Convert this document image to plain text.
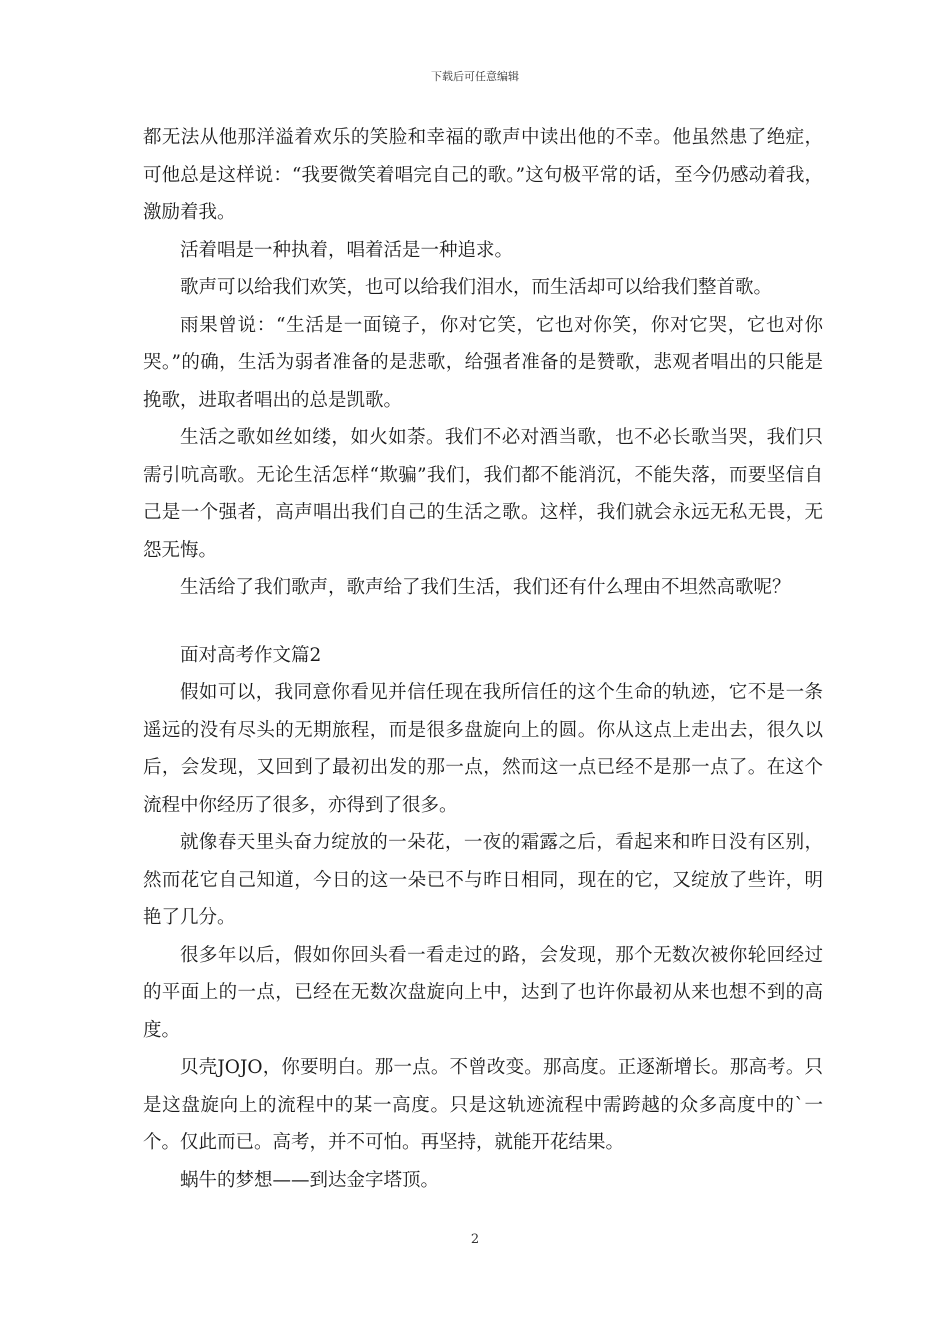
下载后可任意编辑

都无法从他那洋溢着欢乐的笑脸和幸福的歌声中读出他的不幸。他虽然患了绝症，可他总是这样说：“我要微笑着唱完自己的歌。”这句极平常的话，至今仍感动着我，激励着我。

活着唱是一种执着，唱着活是一种追求。

歌声可以给我们欢笑，也可以给我们泪水，而生活却可以给我们整首歌。

雨果曾说：“生活是一面镜子，你对它笑，它也对你笑，你对它哭，它也对你哭。”的确，生活为弱者准备的是悲歌，给强者准备的是赞歌，悲观者唱出的只能是挽歌，进取者唱出的总是凯歌。

生活之歌如丝如缕，如火如荼。我们不必对酒当歌，也不必长歌当哭，我们只需引吭高歌。无论生活怎样“欺骗”我们，我们都不能消沉，不能失落，而要坚信自己是一个强者，高声唱出我们自己的生活之歌。这样，我们就会永远无私无畏，无怨无悔。

生活给了我们歌声，歌声给了我们生活，我们还有什么理由不坦然高歌呢？

面对高考作文篇2

假如可以，我同意你看见并信任现在我所信任的这个生命的轨迹，它不是一条遥远的没有尽头的无期旅程，而是很多盘旋向上的圆。你从这点上走出去，很久以后，会发现，又回到了最初出发的那一点，然而这一点已经不是那一点了。在这个流程中你经历了很多，亦得到了很多。

就像春天里头奋力绽放的一朵花，一夜的霜露之后，看起来和昨日没有区别，然而花它自己知道，今日的这一朵已不与昨日相同，现在的它，又绽放了些许，明艳了几分。

很多年以后，假如你回头看一看走过的路，会发现，那个无数次被你轮回经过的平面上的一点，已经在无数次盘旋向上中，达到了也许你最初从来也想不到的高度。

贝壳JOJO，你要明白。那一点。不曾改变。那高度。正逐渐增长。那高考。只是这盘旋向上的流程中的某一高度。只是这轨迹流程中需跨越的众多高度中的`一个。仅此而已。高考，并不可怕。再坚持，就能开花结果。

蜗牛的梦想——到达金字塔顶。

2
